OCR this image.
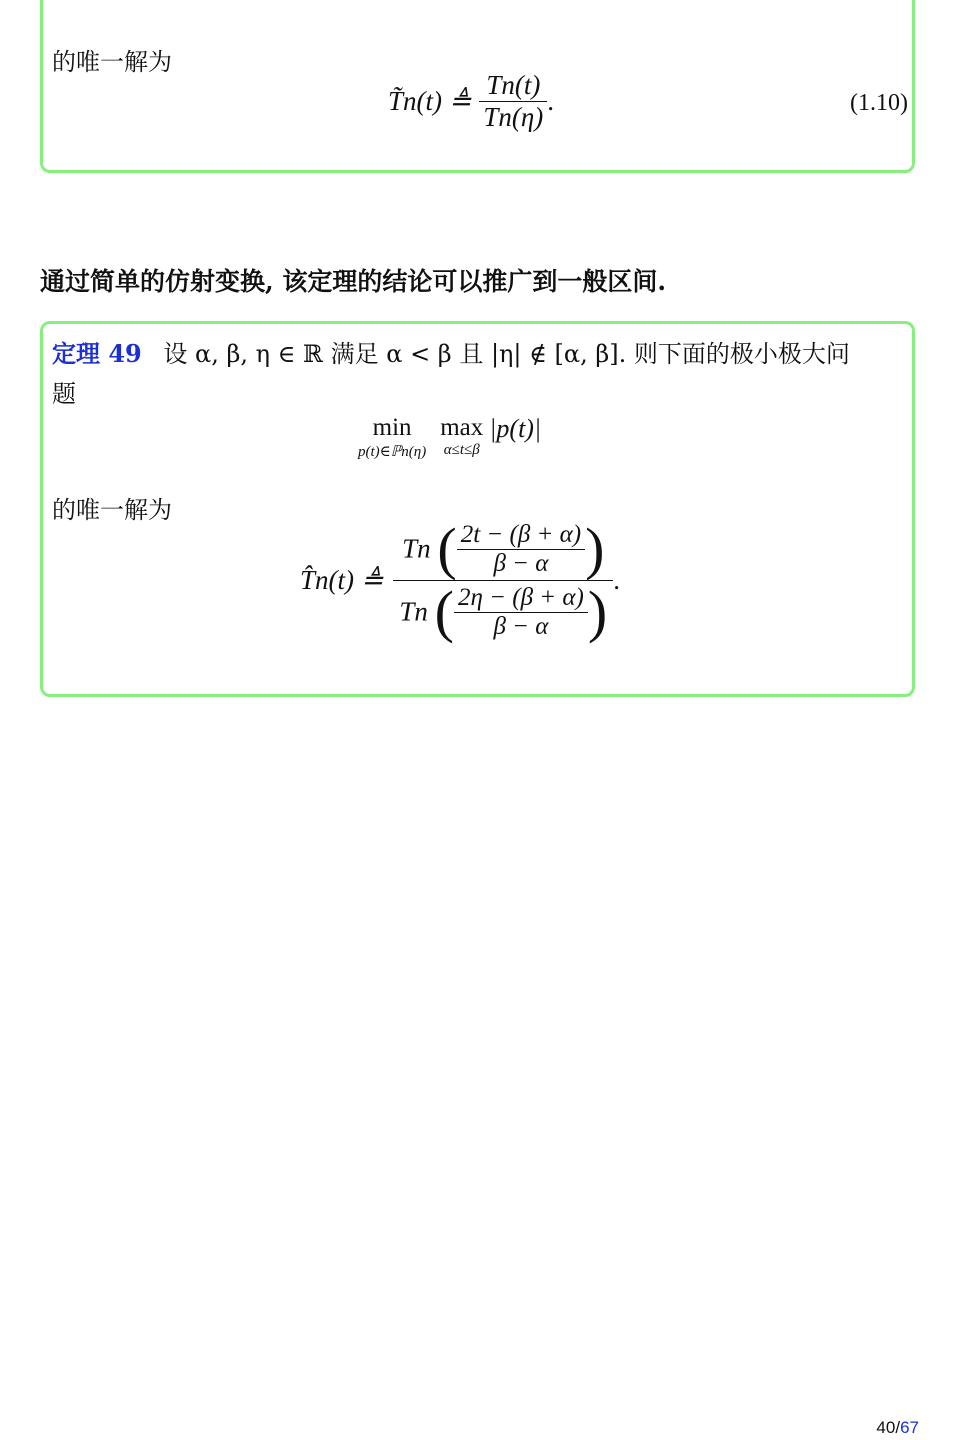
的唯一解为
T̃n(t) ≜ $\frac{Tn(t)}{Tn(\eta)}$ .	(1.10)
通过简单的仿射变换, 该定理的结论可以推广到一般区间.
定理 49 设 α, β, η ∈ ℝ 满足 α < β 且 |η| ∉ [α, β]. 则下面的极小极大问
题
min
p(t)∈ℙn(η)
max
α≤t≤β
|p(t)|
的唯一解为
T̂n(t) ≜ $\frac{Tn ( \frac{2t - (\beta + \alpha)}{\beta - \alpha} )}{Tn ( \frac{2\eta - (\beta + \alpha)}{\beta - \alpha} )}$ .
40/67
